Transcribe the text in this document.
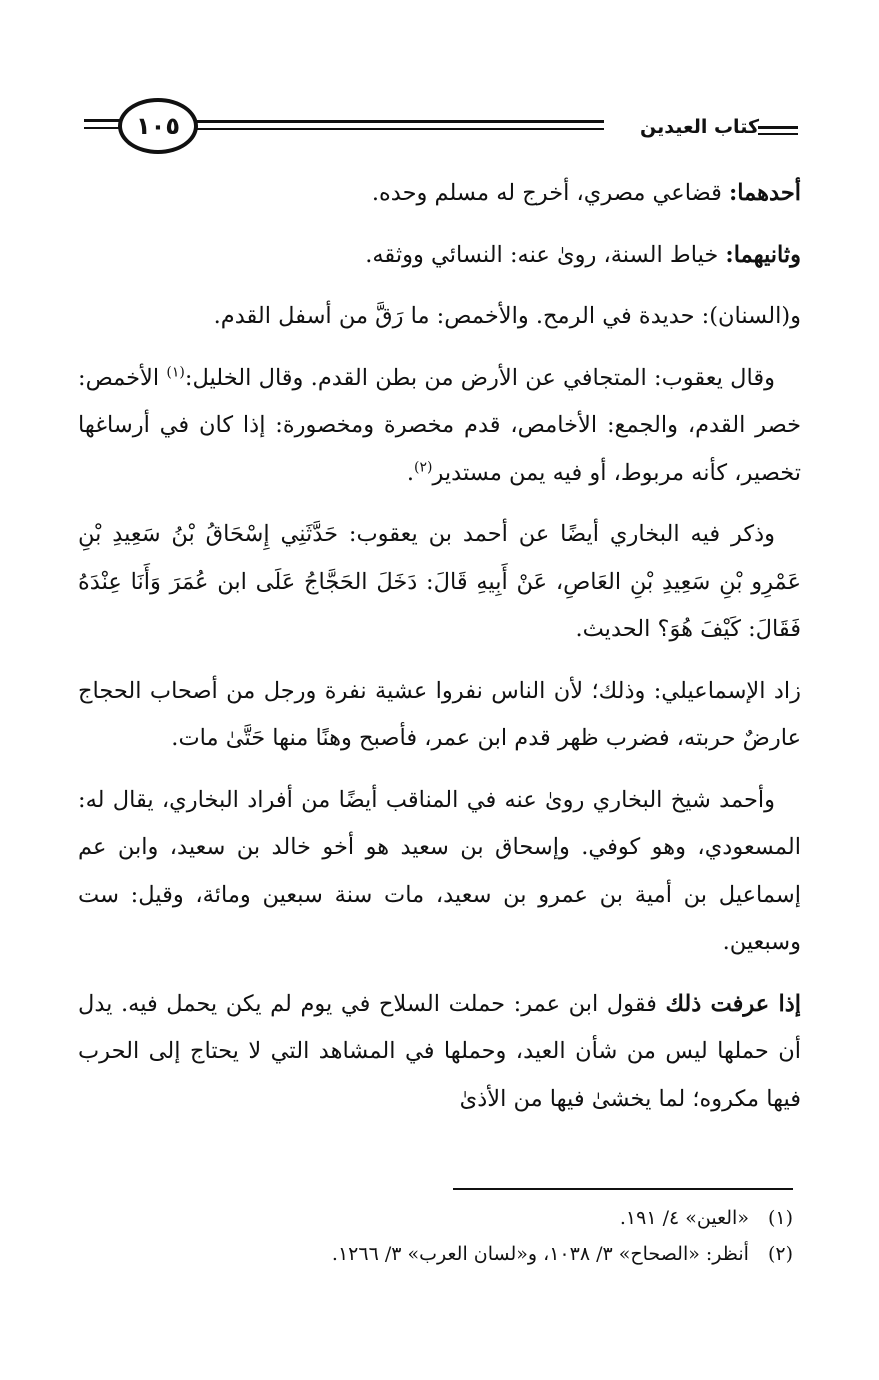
١٠٥	كتاب العيدين

أحدهما: قضاعي مصري، أخرج له مسلم وحده.

وثانيهما: خياط السنة، روىٰ عنه: النسائي ووثقه.

و(السنان): حديدة في الرمح. والأخمص: ما رَقَّ من أسفل القدم.

وقال يعقوب: المتجافي عن الأرض من بطن القدم. وقال الخليل:$^{(١)}$ الأخمص: خصر القدم، والجمع: الأخامص، قدم مخصرة ومخصورة: إذا كان في أرساغها تخصير، كأنه مربوط، أو فيه يمن مستدير$^{(٢)}$.

وذكر فيه البخاري أيضًا عن أحمد بن يعقوب: حَدَّثَنِي إِسْحَاقُ بْنُ سَعِيدِ بْنِ عَمْرِو بْنِ سَعِيدِ بْنِ العَاصِ، عَنْ أَبِيهِ قَالَ: دَخَلَ الحَجَّاجُ عَلَى ابن عُمَرَ وَأَنَا عِنْدَهُ فَقَالَ: كَيْفَ هُوَ؟ الحديث.

زاد الإسماعيلي: وذلك؛ لأن الناس نفروا عشية نفرة ورجل من أصحاب الحجاج عارضٌ حربته، فضرب ظهر قدم ابن عمر، فأصبح وهنًا منها حَتَّىٰ مات.

وأحمد شيخ البخاري روىٰ عنه في المناقب أيضًا من أفراد البخاري، يقال له: المسعودي، وهو كوفي. وإسحاق بن سعيد هو أخو خالد بن سعيد، وابن عم إسماعيل بن أمية بن عمرو بن سعيد، مات سنة سبعين ومائة، وقيل: ست وسبعين.

إذا عرفت ذلك فقول ابن عمر: حملت السلاح في يوم لم يكن يحمل فيه. يدل أن حملها ليس من شأن العيد، وحملها في المشاهد التي لا يحتاج إلى الحرب فيها مكروه؛ لما يخشىٰ فيها من الأذىٰ

(١) «العين» ٤/ ١٩١.
(٢) أنظر: «الصحاح» ٣/ ١٠٣٨، و«لسان العرب» ٣/ ١٢٦٦.
